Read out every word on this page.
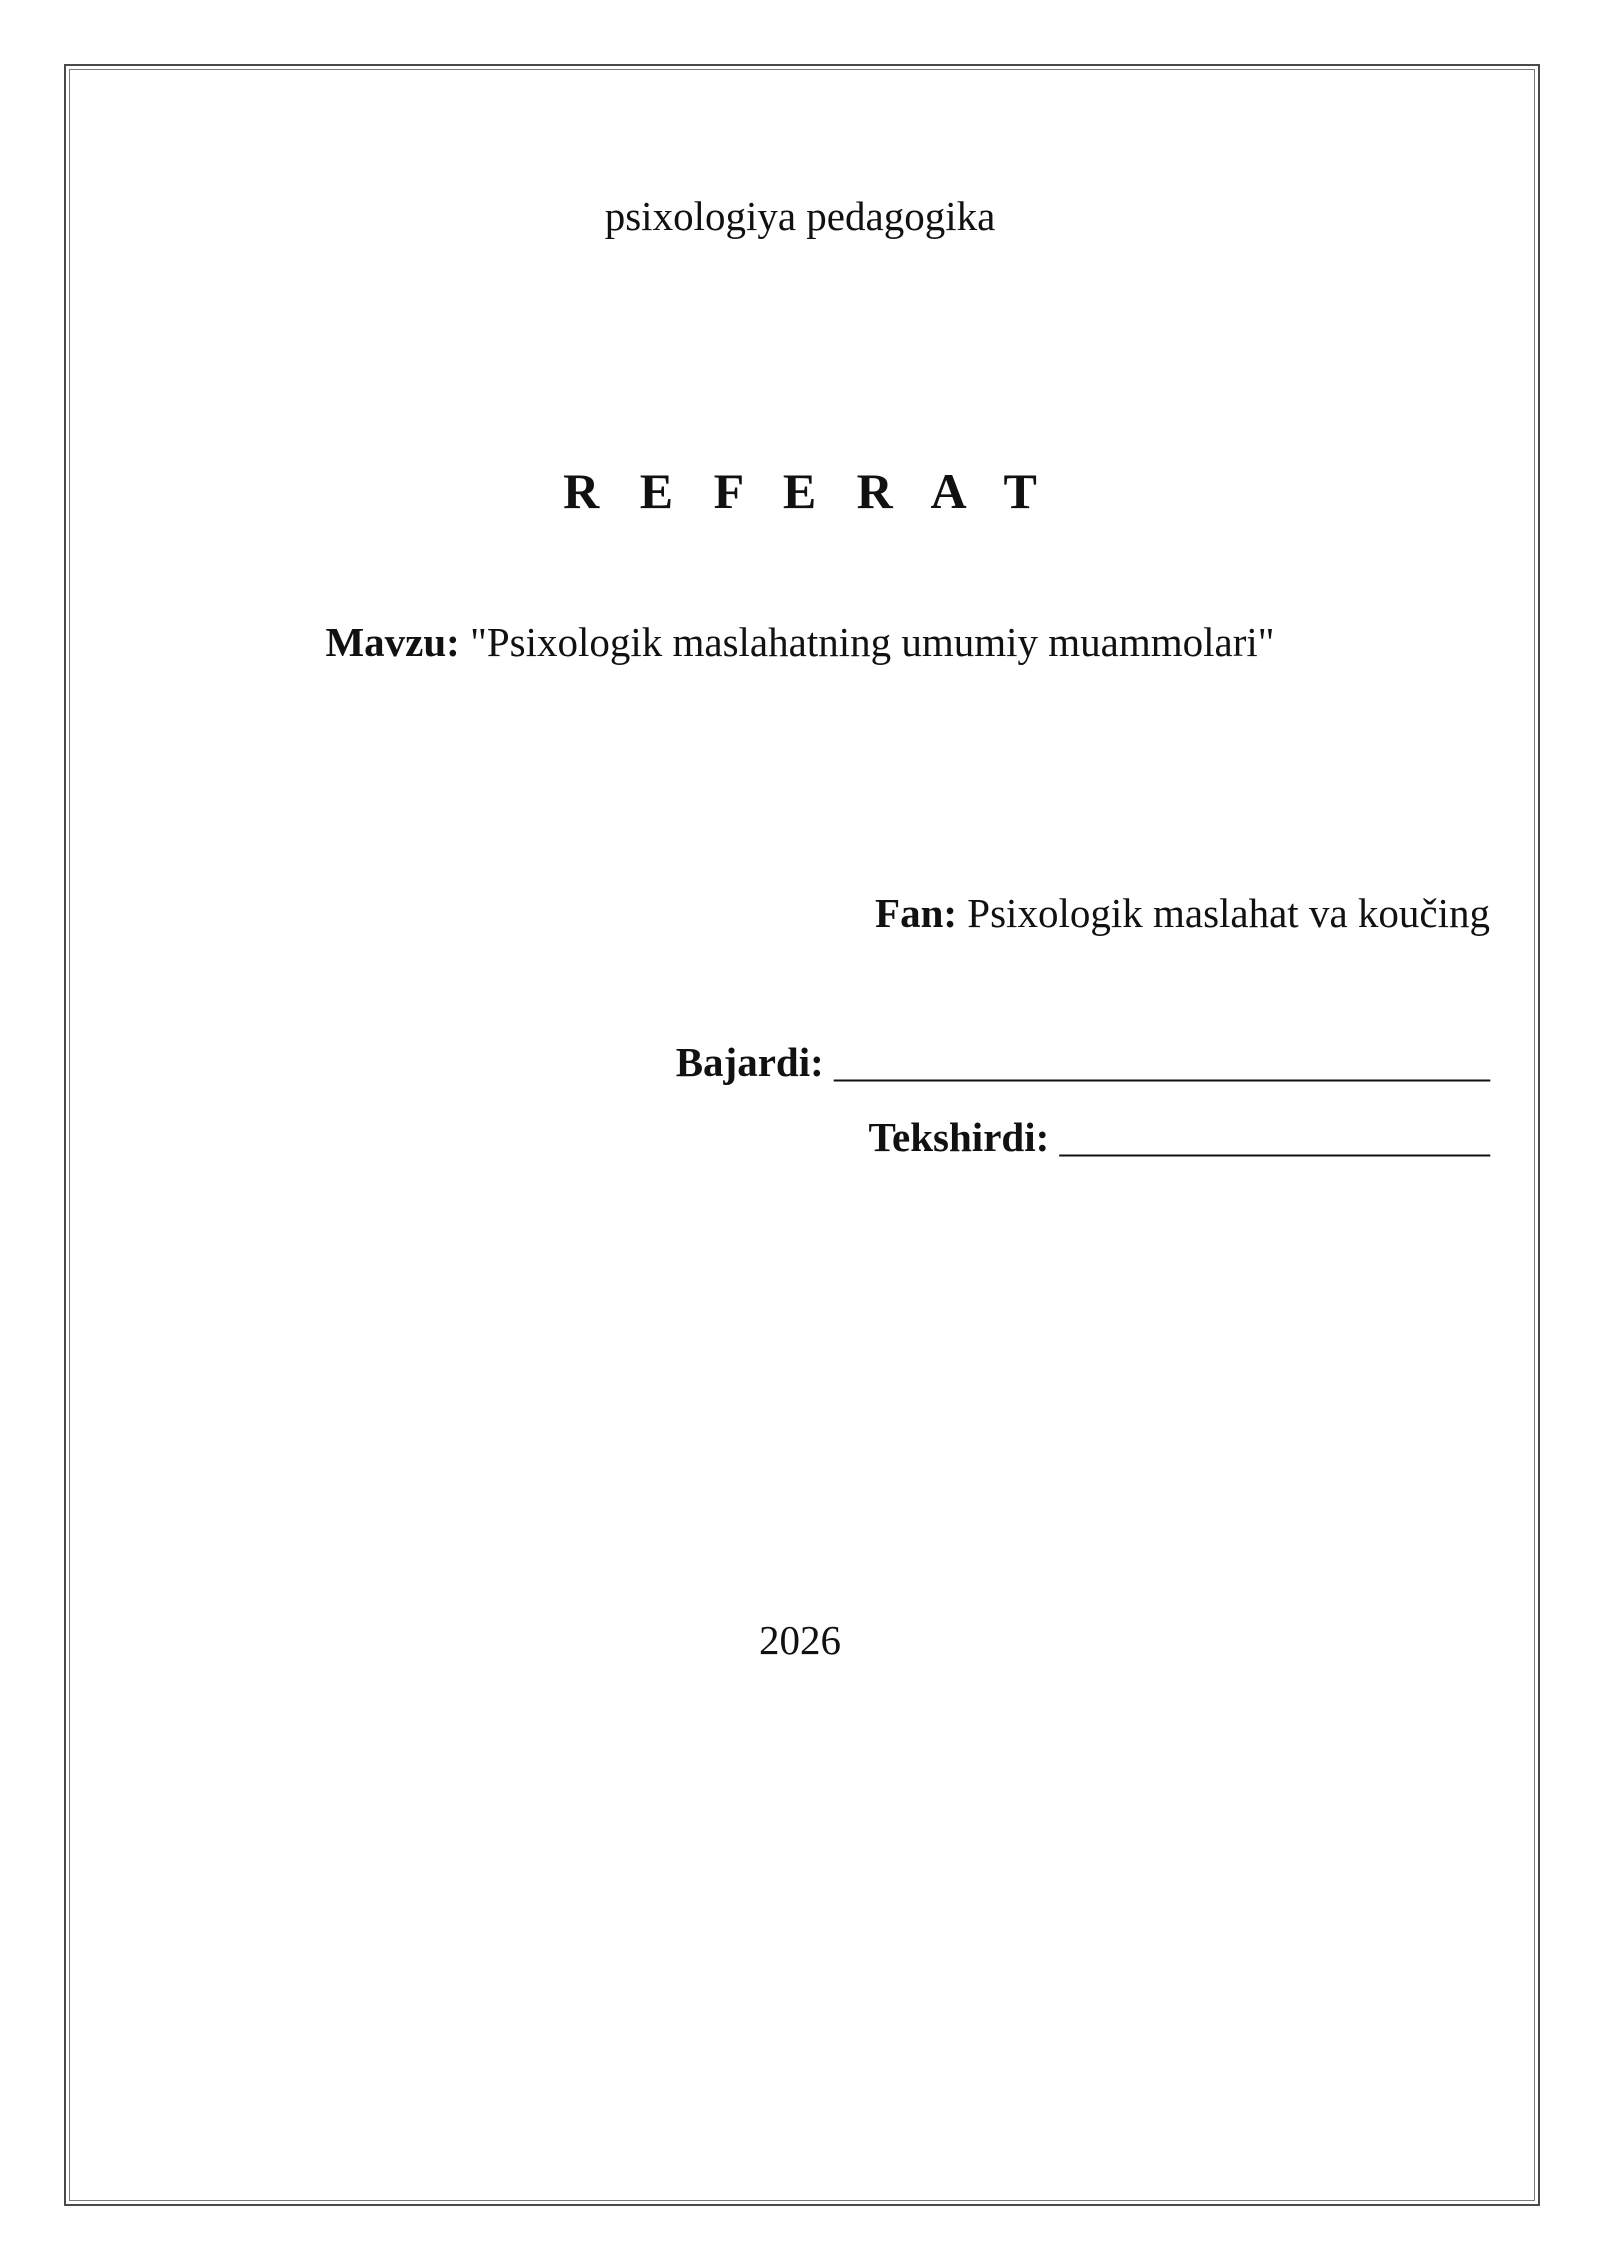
psixologiya pedagogika
R E F E R A T
Mavzu: "Psixologik maslahatning umumiy muammolari"
Fan: Psixologik maslahat va koučing
Bajardi: ________________________________
Tekshirdi: _____________________
2026
